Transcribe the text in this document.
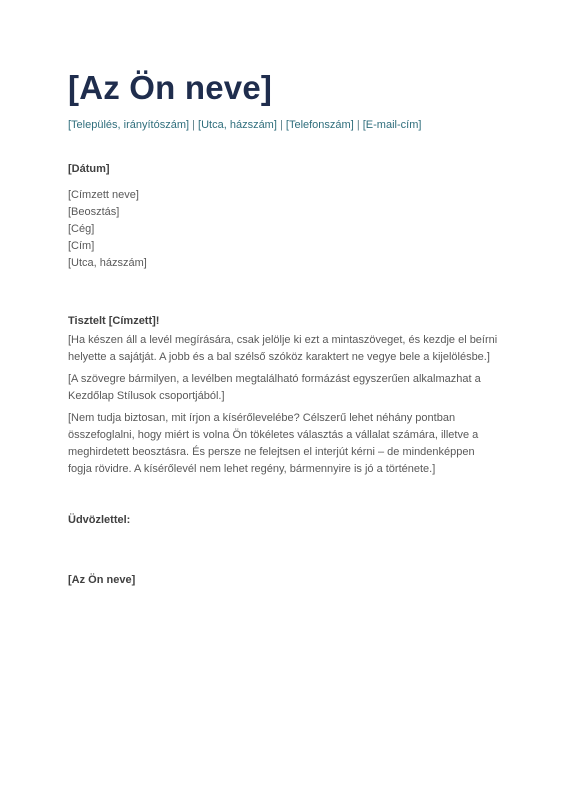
[Az Ön neve]
[Település, irányítószám] | [Utca, házszám] | [Telefonszám] | [E-mail-cím]
[Dátum]
[Címzett neve]
[Beosztás]
[Cég]
[Cím]
[Utca, házszám]
Tisztelt [Címzett]!
[Ha készen áll a levél megírására, csak jelölje ki ezt a mintaszöveget, és kezdje el beírni helyette a sajátját. A jobb és a bal szélső szóköz karaktert ne vegye bele a kijelölésbe.]
[A szövegre bármilyen, a levélben megtalálható formázást egyszerűen alkalmazhat a Kezdőlap Stílusok csoportjából.]
[Nem tudja biztosan, mit írjon a kísérőlevelébe? Célszerű lehet néhány pontban összefoglalni, hogy miért is volna Ön tökéletes választás a vállalat számára, illetve a meghirdetett beosztásra. És persze ne felejtsen el interjút kérni – de mindenképpen fogja rövidre. A kísérőlevél nem lehet regény, bármennyire is jó a története.]
Üdvözlettel:
[Az Ön neve]
